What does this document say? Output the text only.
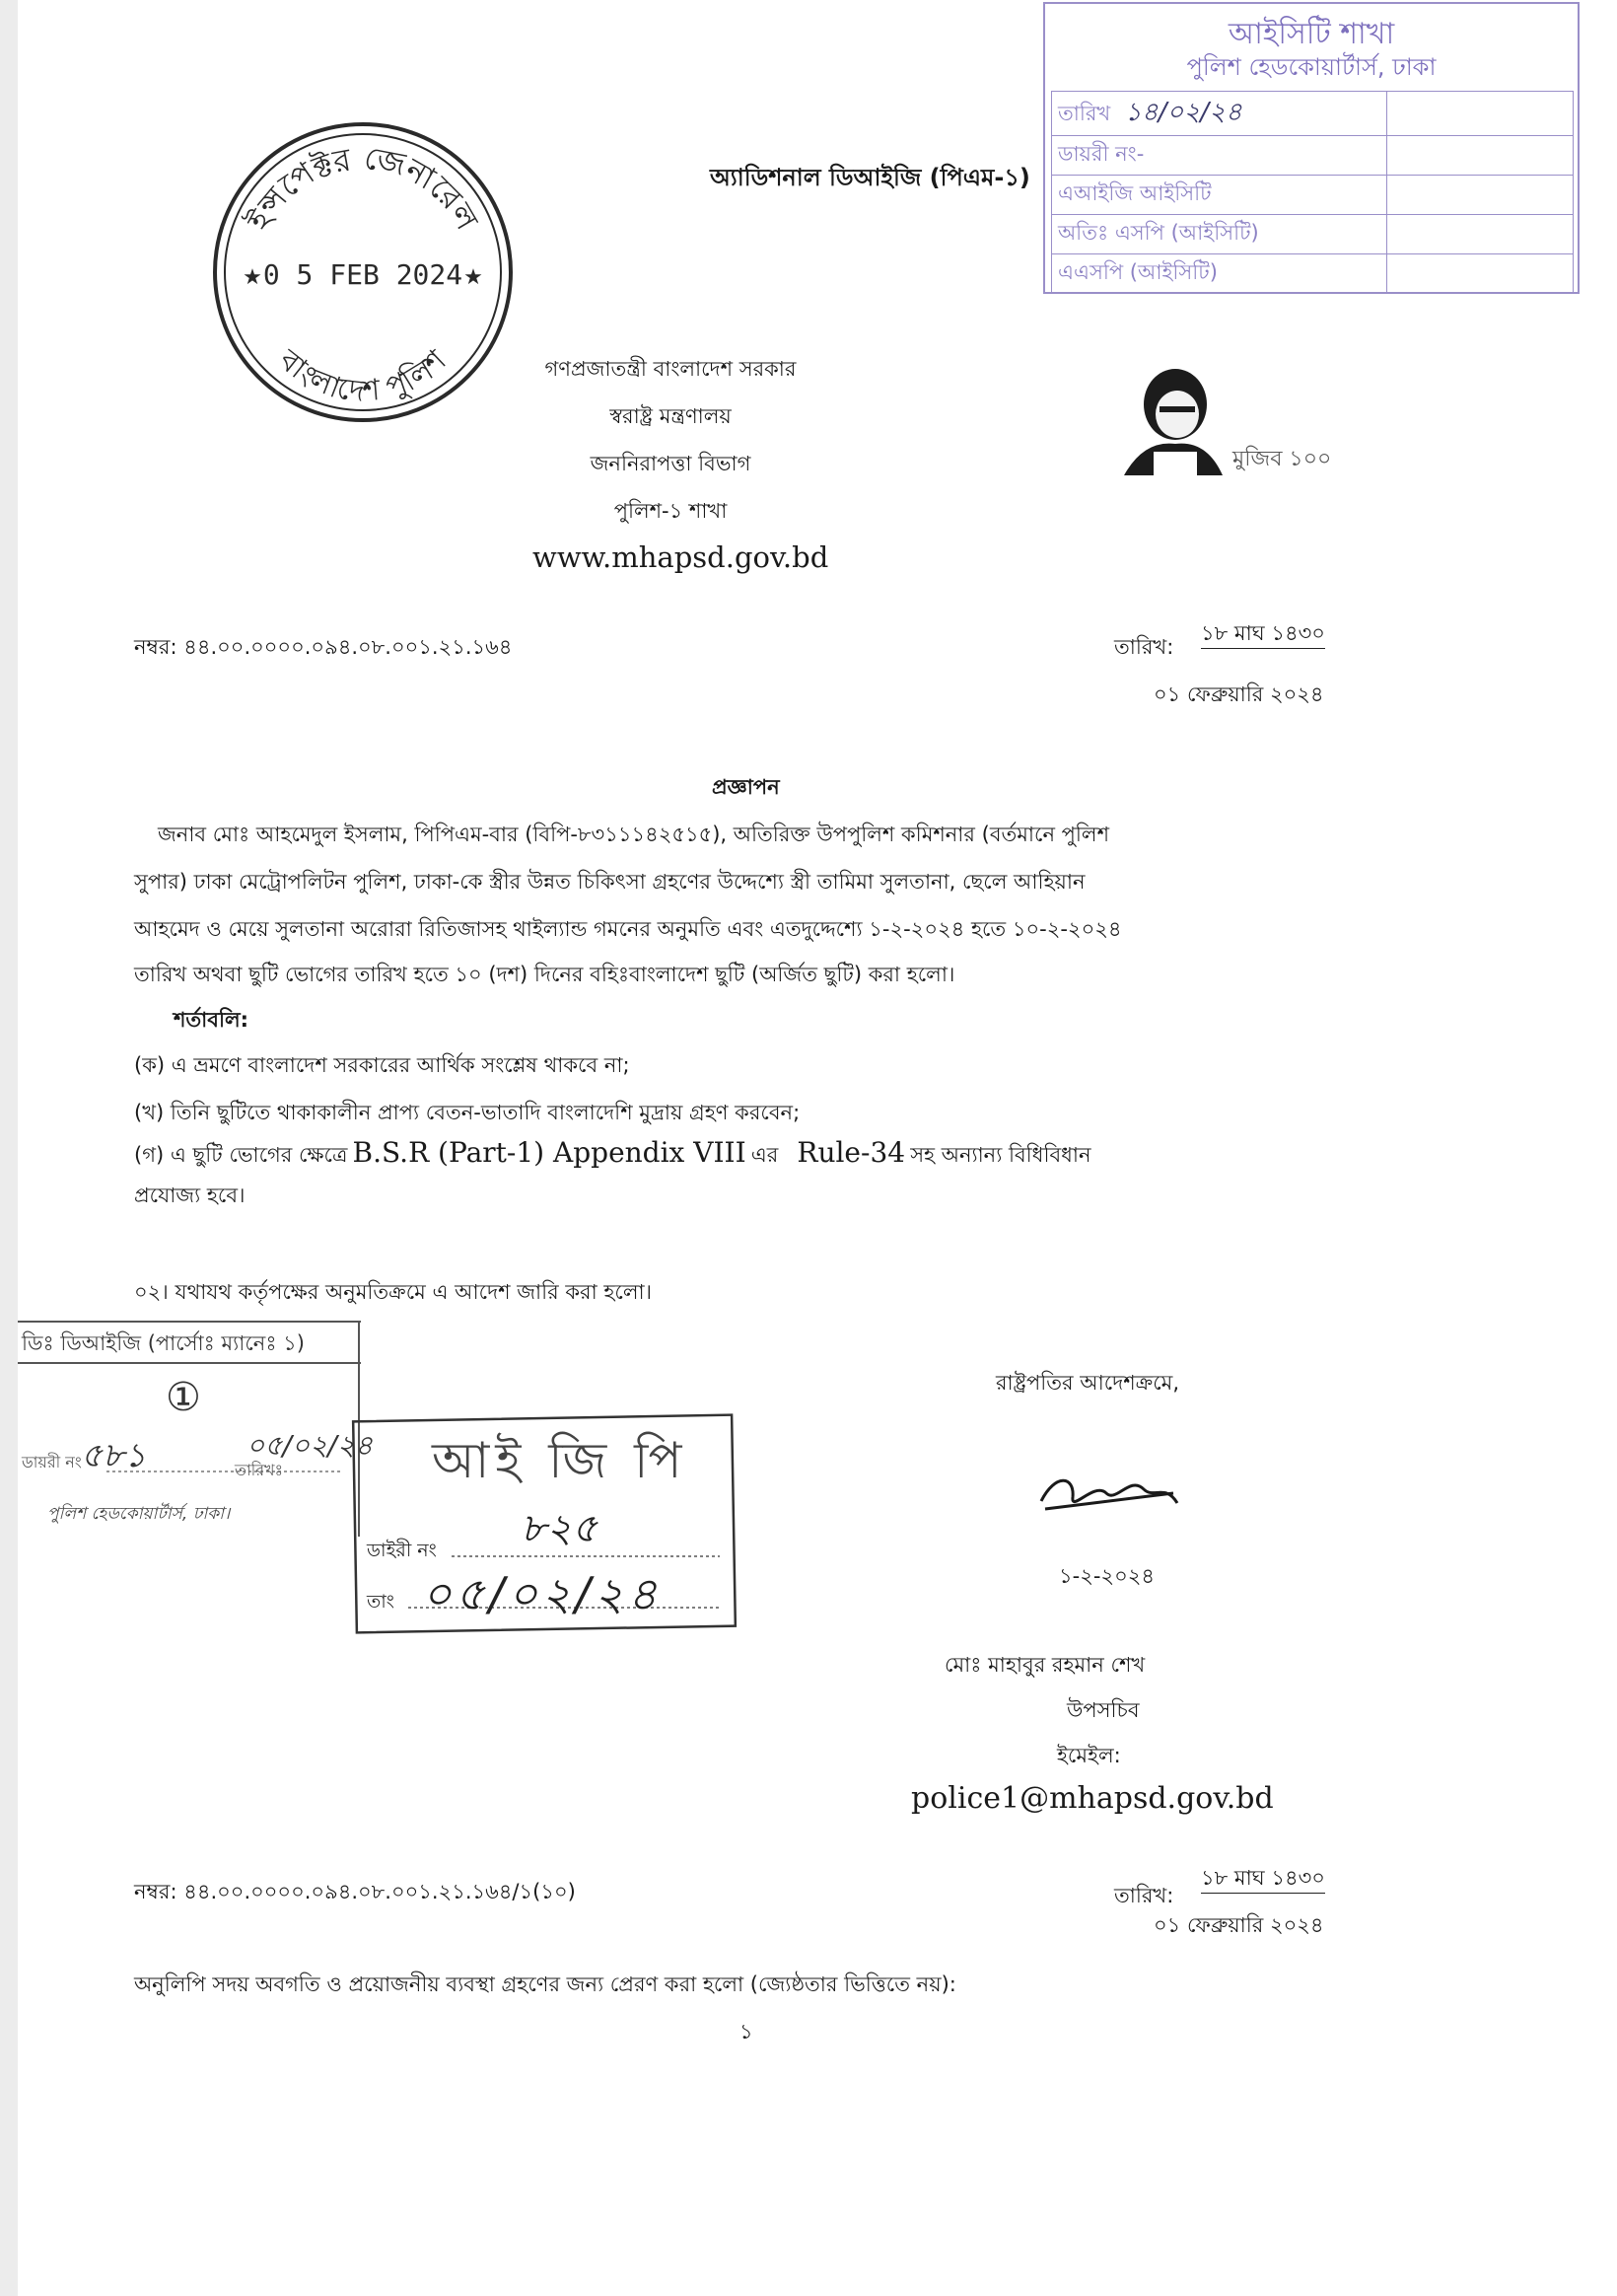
আইসিটি শাখা
পুলিশ হেডকোয়ার্টার্স, ঢাকা
তারিখ ১৪/০২/২৪	
ডায়রী নং-	
এআইজি আইসিটি	
অতিঃ এসপি (আইসিটি)	
এএসপি (আইসিটি)	
ইন্সপেক্টর জেনারেল
বাংলাদেশ পুলিশ
0 5 FEB 2024
★	★
অ্যাডিশনাল ডিআইজি (পিএম-১)
গণপ্রজাতন্ত্রী বাংলাদেশ সরকার
স্বরাষ্ট্র মন্ত্রণালয়
জননিরাপত্তা বিভাগ
পুলিশ-১ শাখা
www.mhapsd.gov.bd
মুজিব ১০০
নম্বর: ৪৪.০০.০০০০.০৯৪.০৮.০০১.২১.১৬৪	তারিখ:
১৮ মাঘ ১৪৩০
০১ ফেব্রুয়ারি ২০২৪
প্রজ্ঞাপন
জনাব মোঃ আহমেদুল ইসলাম, পিপিএম-বার (বিপি-৮৩১১১৪২৫১৫), অতিরিক্ত উপপুলিশ কমিশনার (বর্তমানে পুলিশ
সুপার) ঢাকা মেট্রোপলিটন পুলিশ, ঢাকা-কে স্ত্রীর উন্নত চিকিৎসা গ্রহণের উদ্দেশ্যে স্ত্রী তামিমা সুলতানা, ছেলে আহিয়ান
আহমেদ ও মেয়ে সুলতানা অরোরা রিতিজাসহ থাইল্যান্ড গমনের অনুমতি এবং এতদুদ্দেশ্যে ১-২-২০২৪ হতে ১০-২-২০২৪
তারিখ অথবা ছুটি ভোগের তারিখ হতে ১০ (দশ) দিনের বহিঃবাংলাদেশ ছুটি (অর্জিত ছুটি) করা হলো।
শর্তাবলি:
(ক) এ ভ্রমণে বাংলাদেশ সরকারের আর্থিক সংশ্লেষ থাকবে না;
(খ) তিনি ছুটিতে থাকাকালীন প্রাপ্য বেতন-ভাতাদি বাংলাদেশি মুদ্রায় গ্রহণ করবেন;
(গ) এ ছুটি ভোগের ক্ষেত্রে B.S.R (Part-1) Appendix VIII এর Rule-34 সহ অন্যান্য বিধিবিধান
প্রযোজ্য হবে।
০২। যথাযথ কর্তৃপক্ষের অনুমতিক্রমে এ আদেশ জারি করা হলো।
ডিঃ ডিআইজি (পার্সোঃ ম্যানেঃ ১)
①
ডায়রী নং ৫৮১	তারিখঃ
০৫/০২/২৪
পুলিশ হেডকোয়ার্টার্স, ঢাকা।
আই জি পি
৮২৫
ডাইরী নং
তাং ০৫/০২/২৪
রাষ্ট্রপতির আদেশক্রমে,
১-২-২০২৪
মোঃ মাহাবুর রহমান শেখ
উপসচিব
ইমেইল:
police1@mhapsd.gov.bd
নম্বর: ৪৪.০০.০০০০.০৯৪.০৮.০০১.২১.১৬৪/১(১০)	তারিখ:
১৮ মাঘ ১৪৩০
০১ ফেব্রুয়ারি ২০২৪
অনুলিপি সদয় অবগতি ও প্রয়োজনীয় ব্যবস্থা গ্রহণের জন্য প্রেরণ করা হলো (জ্যেষ্ঠতার ভিত্তিতে নয়):
১
